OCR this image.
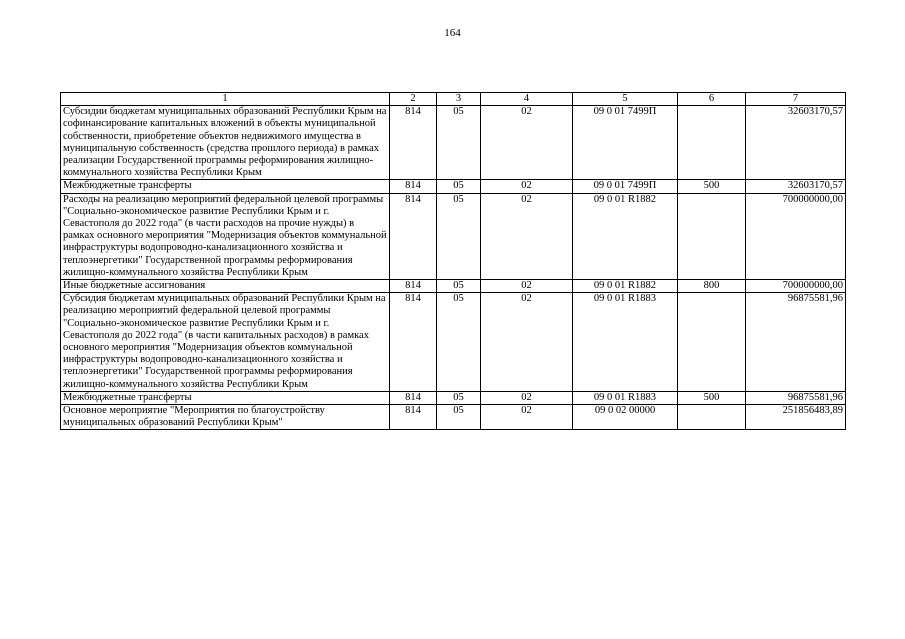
164
1	2	3	4	5	6	7
Субсидии бюджетам муниципальных образований Республики Крым на софинансирование капитальных вложений в объекты муниципальной собственности, приобретение объектов недвижимого имущества в муниципальную собственность (средства прошлого периода) в рамках реализации Государственной программы реформирования жилищно-коммунального хозяйства Республики Крым	814	05	02	09 0 01 7499П		32603170,57
Межбюджетные трансферты	814	05	02	09 0 01 7499П	500	32603170,57
Расходы на реализацию мероприятий федеральной целевой программы "Социально-экономическое развитие Республики Крым и г. Севастополя до 2022 года" (в части расходов на прочие нужды) в рамках основного мероприятия "Модернизация объектов коммунальной инфраструктуры водопроводно-канализационного хозяйства и теплоэнергетики" Государственной программы реформирования жилищно-коммунального хозяйства Республики Крым	814	05	02	09 0 01 R1882		700000000,00
Иные бюджетные ассигнования	814	05	02	09 0 01 R1882	800	700000000,00
Субсидия бюджетам муниципальных образований Республики Крым на реализацию мероприятий федеральной целевой программы "Социально-экономическое развитие Республики Крым и г. Севастополя до 2022 года" (в части капитальных расходов) в рамках основного мероприятия "Модернизация объектов коммунальной инфраструктуры водопроводно-канализационного хозяйства и теплоэнергетики" Государственной программы реформирования жилищно-коммунального хозяйства Республики Крым	814	05	02	09 0 01 R1883		96875581,96
Межбюджетные трансферты	814	05	02	09 0 01 R1883	500	96875581,96
Основное мероприятие "Мероприятия по благоустройству муниципальных образований Республики Крым"	814	05	02	09 0 02 00000		251856483,89
